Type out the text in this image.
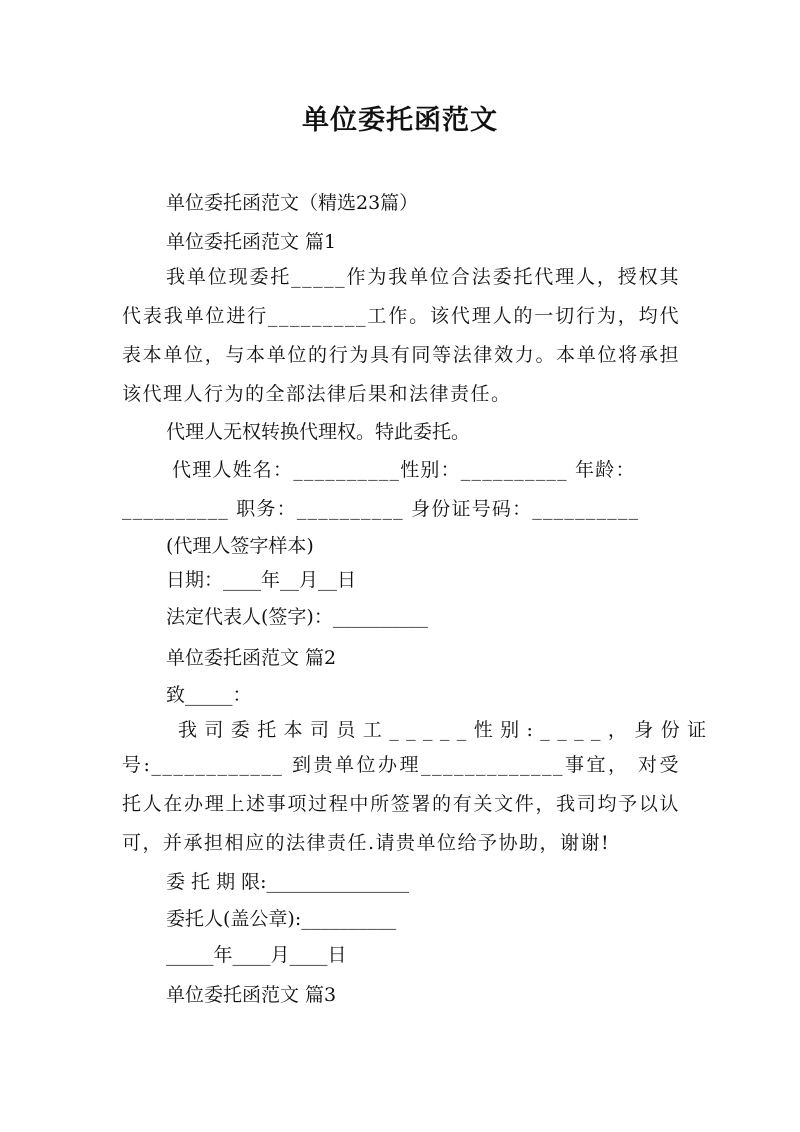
单位委托函范文
单位委托函范文（精选23篇）
单位委托函范文 篇1
我单位现委托_____作为我单位合法委托代理人，授权其代表我单位进行_________工作。该代理人的一切行为，均代表本单位，与本单位的行为具有同等法律效力。本单位将承担该代理人行为的全部法律后果和法律责任。
代理人无权转换代理权。特此委托。
代理人姓名：__________性别：__________ 年龄：
__________ 职务：__________ 身份证号码：__________
(代理人签字样本)
日期：____年__月__日
法定代表人(签字)：__________
单位委托函范文 篇2
致_____：
我司委托本司员工_____性别:____，身份证
号:____________ 到贵单位办理_____________事宜， 对受托人在办理上述事项过程中所签署的有关文件，我司均予以认可，并承担相应的法律责任.请贵单位给予协助，谢谢!
委 托 期 限:_______________
委托人(盖公章):__________
_____年____月____日
单位委托函范文 篇3
